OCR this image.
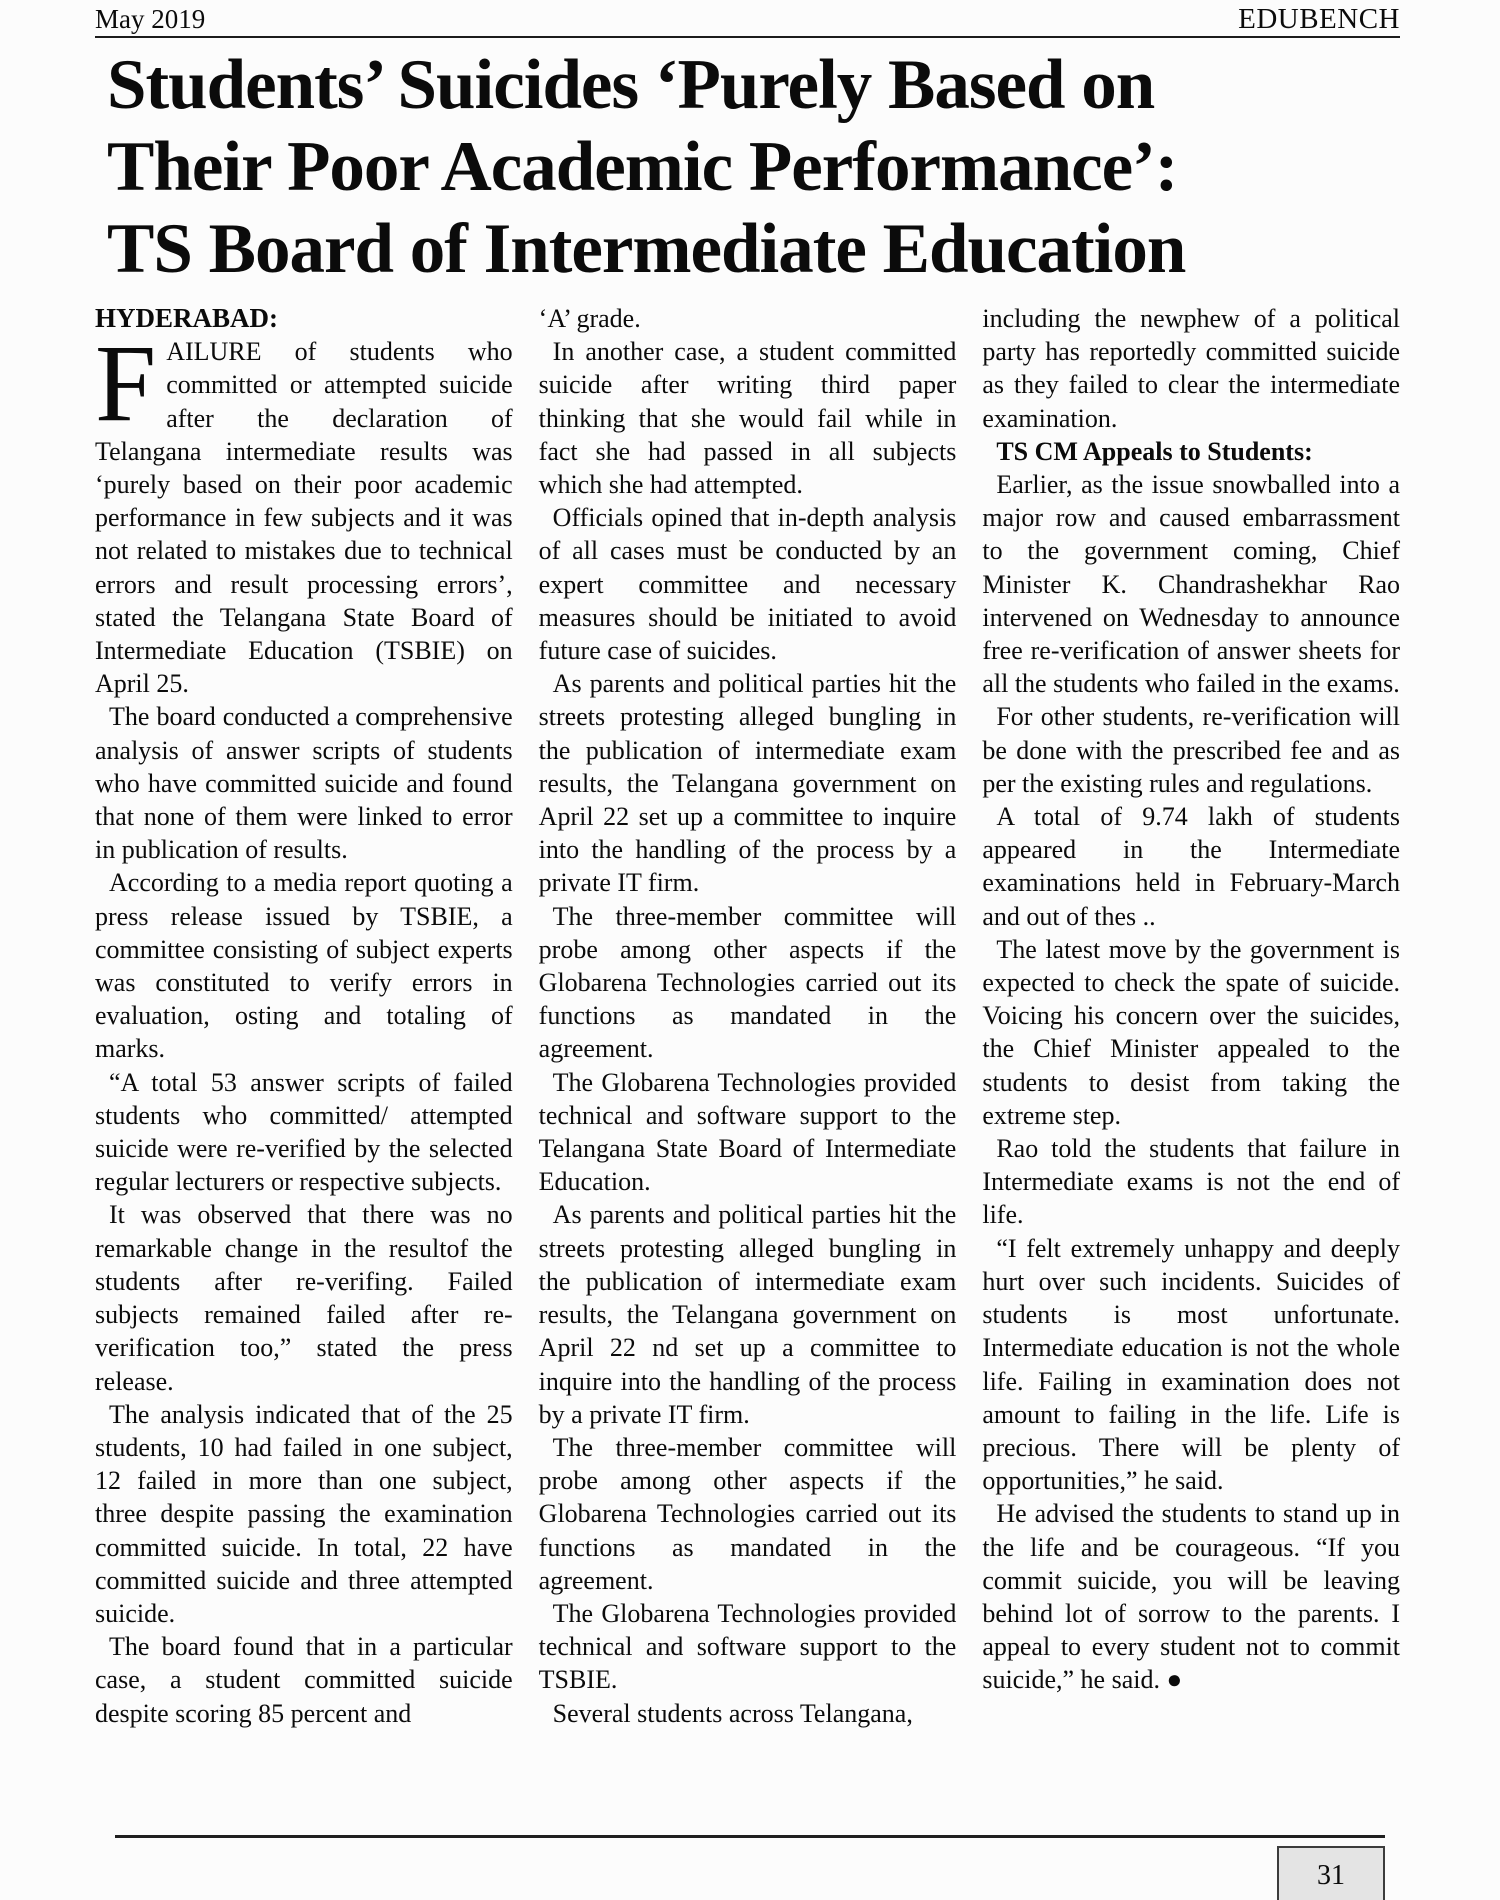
May 2019	EDUBENCH
Students’ Suicides ‘Purely Based on
Their Poor Academic Performance’:
TS Board of Intermediate Education

HYDERABAD:

FAILURE of students who committed or attempted suicide after the declaration of Telangana intermediate results was ‘purely based on their poor academic performance in few subjects and it was not related to mistakes due to technical errors and result processing errors’, stated the Telangana State Board of Intermediate Education (TSBIE) on April 25.

The board conducted a comprehensive analysis of answer scripts of students who have committed suicide and found that none of them were linked to error in publication of results.

According to a media report quoting a press release issued by TSBIE, a committee consisting of subject experts was constituted to verify errors in evaluation, osting and totaling of marks.

“A total 53 answer scripts of failed students who committed/ attempted suicide were re-verified by the selected regular lecturers or respective subjects.

It was observed that there was no remarkable change in the resultof the students after re-verifing. Failed subjects remained failed after re-verification too,” stated the press release.

The analysis indicated that of the 25 students, 10 had failed in one subject, 12 failed in more than one subject, three despite passing the examination committed suicide. In total, 22 have committed suicide and three attempted suicide.

The board found that in a particular case, a student committed suicide despite scoring 85 percent and

‘A’ grade.

In another case, a student committed suicide after writing third paper thinking that she would fail while in fact she had passed in all subjects which she had attempted.

Officials opined that in-depth analysis of all cases must be conducted by an expert committee and necessary measures should be initiated to avoid future case of suicides.

As parents and political parties hit the streets protesting alleged bungling in the publication of intermediate exam results, the Telangana government on April 22 set up a committee to inquire into the handling of the process by a private IT firm.

The three-member committee will probe among other aspects if the Globarena Technologies carried out its functions as mandated in the agreement.

The Globarena Technologies provided technical and software support to the Telangana State Board of Intermediate Education.

As parents and political parties hit the streets protesting alleged bungling in the publication of intermediate exam results, the Telangana government on April 22 nd set up a committee to inquire into the handling of the process by a private IT firm.

The three-member committee will probe among other aspects if the Globarena Technologies carried out its functions as mandated in the agreement.

The Globarena Technologies provided technical and software support to the TSBIE.

Several students across Telangana,

including the newphew of a political party has reportedly committed suicide as they failed to clear the intermediate examination.

TS CM Appeals to Students:

Earlier, as the issue snowballed into a major row and caused embarrassment to the government coming, Chief Minister K. Chandrashekhar Rao intervened on Wednesday to announce free re-verification of answer sheets for all the students who failed in the exams.

For other students, re-verification will be done with the prescribed fee and as per the existing rules and regulations.

A total of 9.74 lakh of students appeared in the Intermediate examinations held in February-March and out of thes ..

The latest move by the government is expected to check the spate of suicide. Voicing his concern over the suicides, the Chief Minister appealed to the students to desist from taking the extreme step.

Rao told the students that failure in Intermediate exams is not the end of life.

“I felt extremely unhappy and deeply hurt over such incidents. Suicides of students is most unfortunate. Intermediate education is not the whole life. Failing in examination does not amount to failing in the life. Life is precious. There will be plenty of opportunities,” he said.

He advised the students to stand up in the life and be courageous. “If you commit suicide, you will be leaving behind lot of sorrow to the parents. I appeal to every student not to commit suicide,” he said. ●

31
